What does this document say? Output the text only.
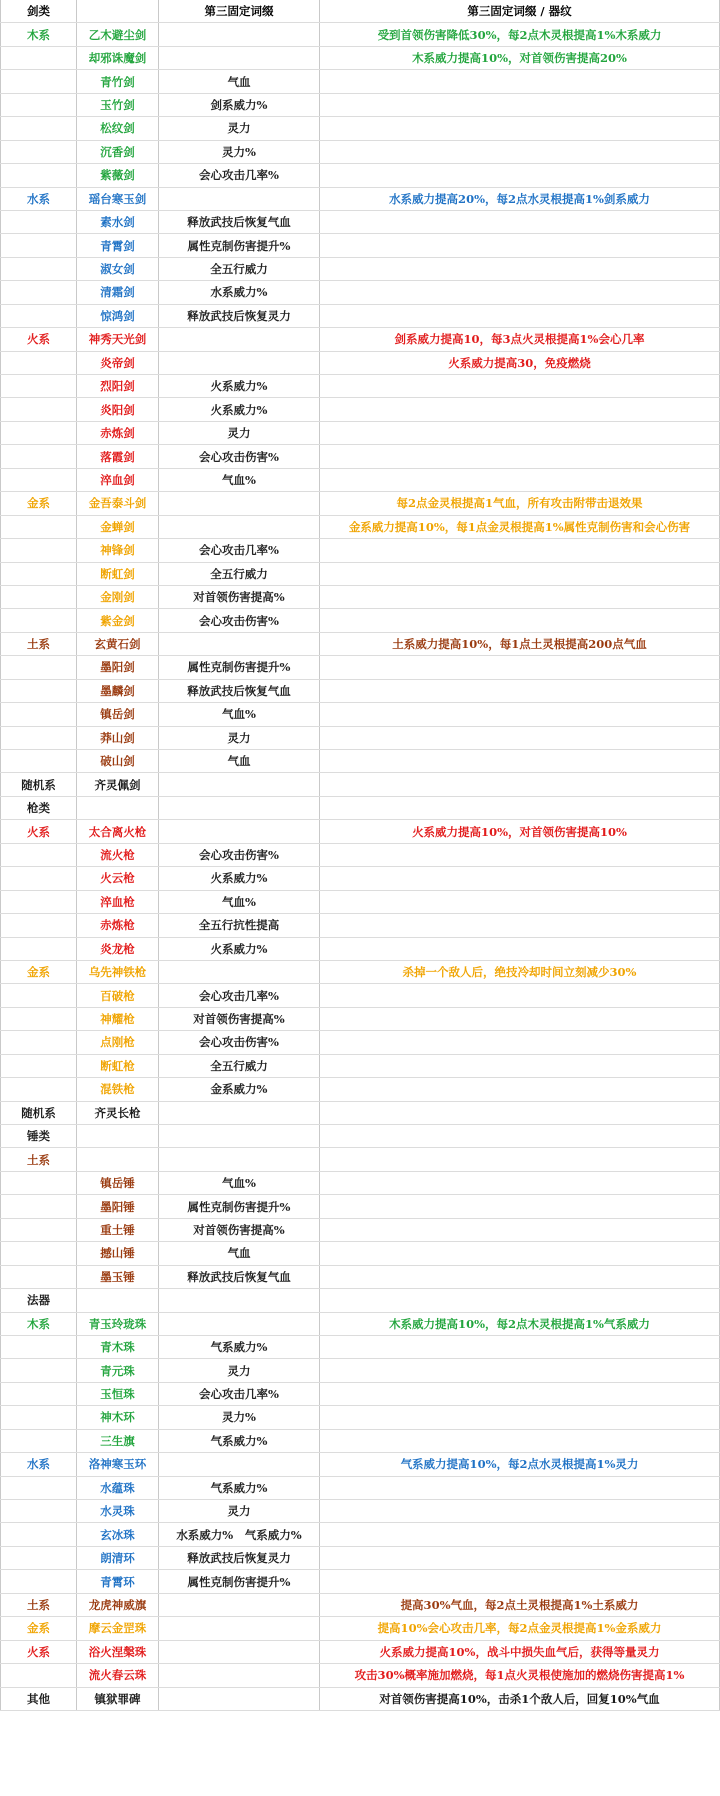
剑类		第三固定词缀	第三固定词缀 / 器纹
木系	乙木避尘剑		受到首领伤害降低30%，每2点木灵根提高1%木系威力
	却邪诛魔剑		木系威力提高10%，对首领伤害提高20%
	青竹剑	气血	
	玉竹剑	剑系威力%	
	松纹剑	灵力	
	沉香剑	灵力%	
	紫薇剑	会心攻击几率%	
水系	瑶台寒玉剑		水系威力提高20%，每2点水灵根提高1%剑系威力
	素水剑	释放武技后恢复气血	
	青霄剑	属性克制伤害提升%	
	淑女剑	全五行威力	
	清霜剑	水系威力%	
	惊鸿剑	释放武技后恢复灵力	
火系	神秀天光剑		剑系威力提高10，每3点火灵根提高1%会心几率
	炎帝剑		火系威力提高30，免疫燃烧
	烈阳剑	火系威力%	
	炎阳剑	火系威力%	
	赤炼剑	灵力	
	落霞剑	会心攻击伤害%	
	淬血剑	气血%	
金系	金吾泰斗剑		每2点金灵根提高1气血，所有攻击附带击退效果
	金蝉剑		金系威力提高10%，每1点金灵根提高1%属性克制伤害和会心伤害
	神锋剑	会心攻击几率%	
	断虹剑	全五行威力	
	金刚剑	对首领伤害提高%	
	紫金剑	会心攻击伤害%	
土系	玄黄石剑		土系威力提高10%，每1点土灵根提高200点气血
	墨阳剑	属性克制伤害提升%	
	墨麟剑	释放武技后恢复气血	
	镇岳剑	气血%	
	莽山剑	灵力	
	破山剑	气血	
随机系	齐灵佩剑		
枪类			
火系	太合离火枪		火系威力提高10%，对首领伤害提高10%
	流火枪	会心攻击伤害%	
	火云枪	火系威力%	
	淬血枪	气血%	
	赤炼枪	全五行抗性提高	
	炎龙枪	火系威力%	
金系	乌先神铁枪		杀掉一个敌人后，绝技冷却时间立刻减少30%
	百破枪	会心攻击几率%	
	神耀枪	对首领伤害提高%	
	点刚枪	会心攻击伤害%	
	断虹枪	全五行威力	
	混铁枪	金系威力%	
随机系	齐灵长枪		
锤类			
土系			
	镇岳锤	气血%	
	墨阳锤	属性克制伤害提升%	
	重土锤	对首领伤害提高%	
	撼山锤	气血	
	墨玉锤	释放武技后恢复气血	
法器			
木系	青玉玲珑珠		木系威力提高10%，每2点木灵根提高1%气系威力
	青木珠	气系威力%	
	青元珠	灵力	
	玉恒珠	会心攻击几率%	
	神木环	灵力%	
	三生旗	气系威力%	
水系	洛神寒玉环		气系威力提高10%，每2点水灵根提高1%灵力
	水蕴珠	气系威力%	
	水灵珠	灵力	
	玄冰珠	水系威力%　气系威力%	
	朗清环	释放武技后恢复灵力	
	青霄环	属性克制伤害提升%	
土系	龙虎神威旗		提高30%气血，每2点土灵根提高1%土系威力
金系	摩云金罡珠		提高10%会心攻击几率，每2点金灵根提高1%金系威力
火系	浴火涅槃珠		火系威力提高10%，战斗中损失血气后，获得等量灵力
	流火春云珠		攻击30%概率施加燃烧，每1点火灵根使施加的燃烧伤害提高1%
其他	镇狱罪碑		对首领伤害提高10%，击杀1个敌人后，回复10%气血
